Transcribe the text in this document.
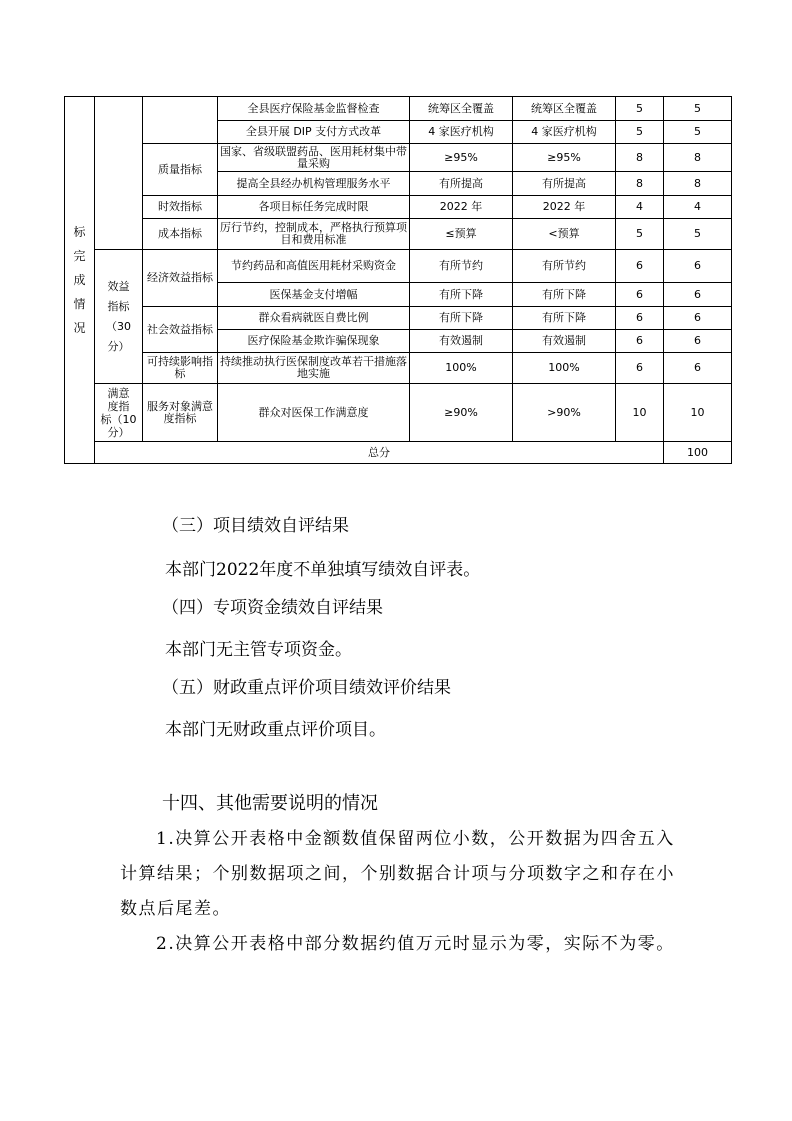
标完成情况			全县医疗保险基金监督检查	统筹区全覆盖	统筹区全覆盖	5	5	
			全县开展 DIP 支付方式改革	4 家医疗机构	4 家医疗机构	5	5	
		质量指标	国家、省级联盟药品、医用耗材集中带量采购	≥95%	≥95%	8	8	
			提高全县经办机构管理服务水平	有所提高	有所提高	8	8	
		时效指标	各项目标任务完成时限	2022 年	2022 年	4	4	
		成本指标	厉行节约，控制成本，严格执行预算项目和费用标准	≤预算	<预算	5	5	

	效益
指标
（30
分）	经济效益指标	节约药品和高值医用耗材采购资金	有所节约	有所节约	6	6	
			医保基金支付增幅	有所下降	有所下降	6	6	
		社会效益指标	群众看病就医自费比例	有所下降	有所下降	6	6	
			医疗保险基金欺诈骗保现象	有效遏制	有效遏制	6	6	
		可持续影响指标	持续推动执行医保制度改革若干措施落地实施	100%	100%	6	6	

	满意
度指
标（10
分）	服务对象满意度指标	群众对医保工作满意度	≥90%	>90%	10	10	
	总分						100	
（三）项目绩效自评结果
本部门2022年度不单独填写绩效自评表。
（四）专项资金绩效自评结果
本部门无主管专项资金。
（五）财政重点评价项目绩效评价结果
本部门无财政重点评价项目。
十四、其他需要说明的情况

1.决算公开表格中金额数值保留两位小数，公开数据为四舍五入计算结果；个别数据项之间，个别数据合计项与分项数字之和存在小数点后尾差。

2.决算公开表格中部分数据约值万元时显示为零，实际不为零。
